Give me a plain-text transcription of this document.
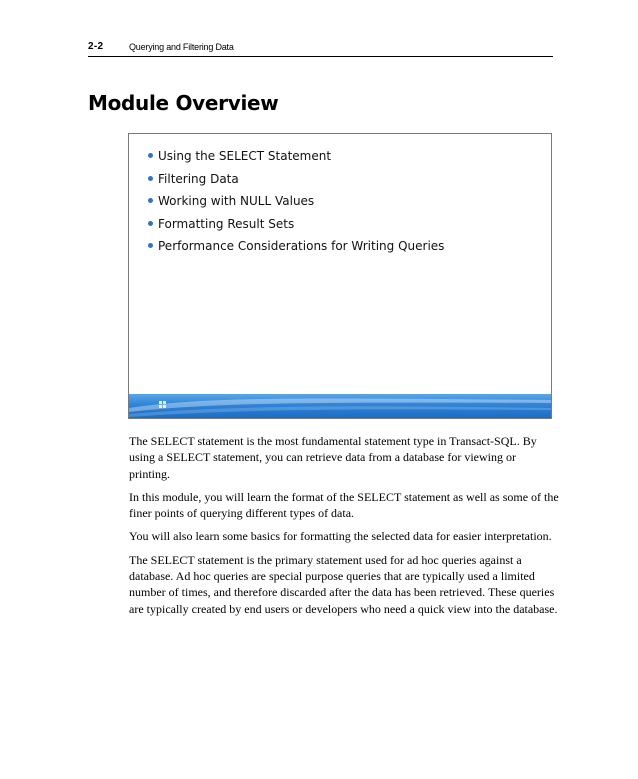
2-2	Querying and Filtering Data
Module Overview
Using the SELECT Statement
Filtering Data
Working with NULL Values
Formatting Result Sets
Performance Considerations for Writing Queries

The SELECT statement is the most fundamental statement type in Transact-SQL. By using a SELECT statement, you can retrieve data from a database for viewing or printing.

In this module, you will learn the format of the SELECT statement as well as some of the finer points of querying different types of data.

You will also learn some basics for formatting the selected data for easier interpretation.

The SELECT statement is the primary statement used for ad hoc queries against a database. Ad hoc queries are special purpose queries that are typically used a limited number of times, and therefore discarded after the data has been retrieved. These queries are typically created by end users or developers who need a quick view into the database.
